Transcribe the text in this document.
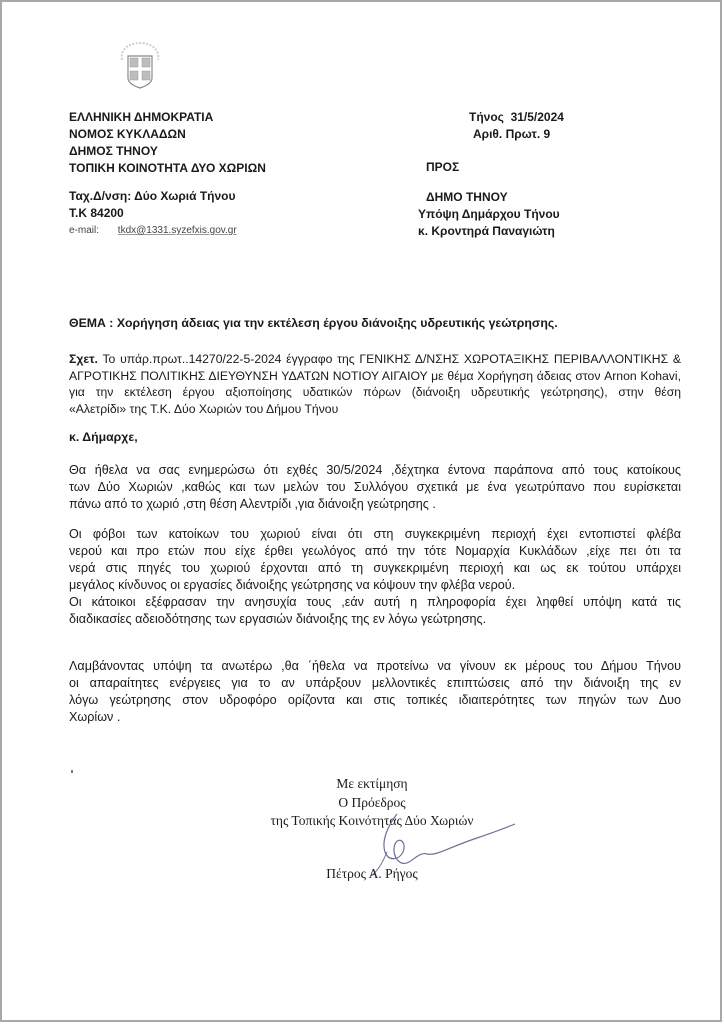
ΕΛΛΗΝΙΚΗ ΔΗΜΟΚΡΑΤΙΑ
ΝΟΜΟΣ ΚΥΚΛΑΔΩΝ
ΔΗΜΟΣ ΤΗΝΟΥ
ΤΟΠΙΚΗ ΚΟΙΝΟΤΗΤΑ ΔΥΟ ΧΩΡΙΩΝ
Τήνος  31/5/2024
Αριθ. Πρωτ. 9
ΠΡΟΣ
Ταχ.Δ/νση: Δύο Χωριά Τήνου
Τ.Κ 84200
e-mail: tkdx@1331.syzefxis.gov.gr
ΔΗΜΟ ΤΗΝΟΥ
Υπόψη Δημάρχου Τήνου
κ. Κροντηρά Παναγιώτη
ΘΕΜΑ : Χορήγηση άδειας για την εκτέλεση έργου διάνοιξης υδρευτικής γεώτρησης.
Σχετ. Το υπάρ.πρωτ..14270/22-5-2024 έγγραφο της ΓΕΝΙΚΗΣ Δ/ΝΣΗΣ ΧΩΡΟΤΑΞΙΚΗΣ ΠΕΡΙΒΑΛΛΟΝΤΙΚΗΣ &
ΑΓΡΟΤΙΚΗΣ ΠΟΛΙΤΙΚΗΣ ΔΙΕΥΘΥΝΣΗ ΥΔΑΤΩΝ ΝΟΤΙΟΥ ΑΙΓΑΙΟΥ με θέμα Χορήγηση άδειας στον Arnon Kohavi,
για την εκτέλεση έργου αξιοποίησης υδατικών πόρων (διάνοιξη υδρευτικής γεώτρησης), στην θέση
«Αλετρίδι» της Τ.Κ. Δύο Χωριών του Δήμου Τήνου
κ. Δήμαρχε,
Θα ήθελα να σας ενημερώσω ότι εχθές 30/5/2024 ,δέχτηκα έντονα παράπονα από τους κατοίκους
των Δύο Χωριών ,καθώς και των μελών του Συλλόγου σχετικά με ένα γεωτρύπανο που ευρίσκεται
πάνω από το χωριό ,στη θέση Αλεντρίδι ,για διάνοιξη γεώτρησης .
Οι φόβοι των κατοίκων του χωριού είναι ότι στη συγκεκριμένη περιοχή έχει εντοπιστεί φλέβα
νερού και προ ετών που είχε έρθει γεωλόγος από την τότε Νομαρχία Κυκλάδων ,είχε πει ότι τα
νερά στις πηγές του χωριού έρχονται από τη συγκεκριμένη περιοχή και ως εκ τούτου υπάρχει
μεγάλος κίνδυνος οι εργασίες διάνοιξης γεώτρησης να κόψουν την φλέβα νερού.
Οι κάτοικοι εξέφρασαν την ανησυχία τους ,εάν αυτή η πληροφορία έχει ληφθεί υπόψη κατά τις
διαδικασίες αδειοδότησης των εργασιών διάνοιξης της εν λόγω γεώτρησης.
Λαμβάνοντας υπόψη τα ανωτέρω ,θα ΄ήθελα να προτείνω να γίνουν εκ μέρους του Δήμου Τήνου
οι απαραίτητες ενέργειες για το αν υπάρξουν μελλοντικές επιπτώσεις από την διάνοιξη της εν
λόγω γεώτρησης στον υδροφόρο ορίζοντα και στις τοπικές ιδιαιτερότητες των πηγών των Δυο
Χωρίων .
Με εκτίμηση
Ο Πρόεδρος
της Τοπικής Κοινότητας Δύο Χωριών
Πέτρος Α. Ρήγος
